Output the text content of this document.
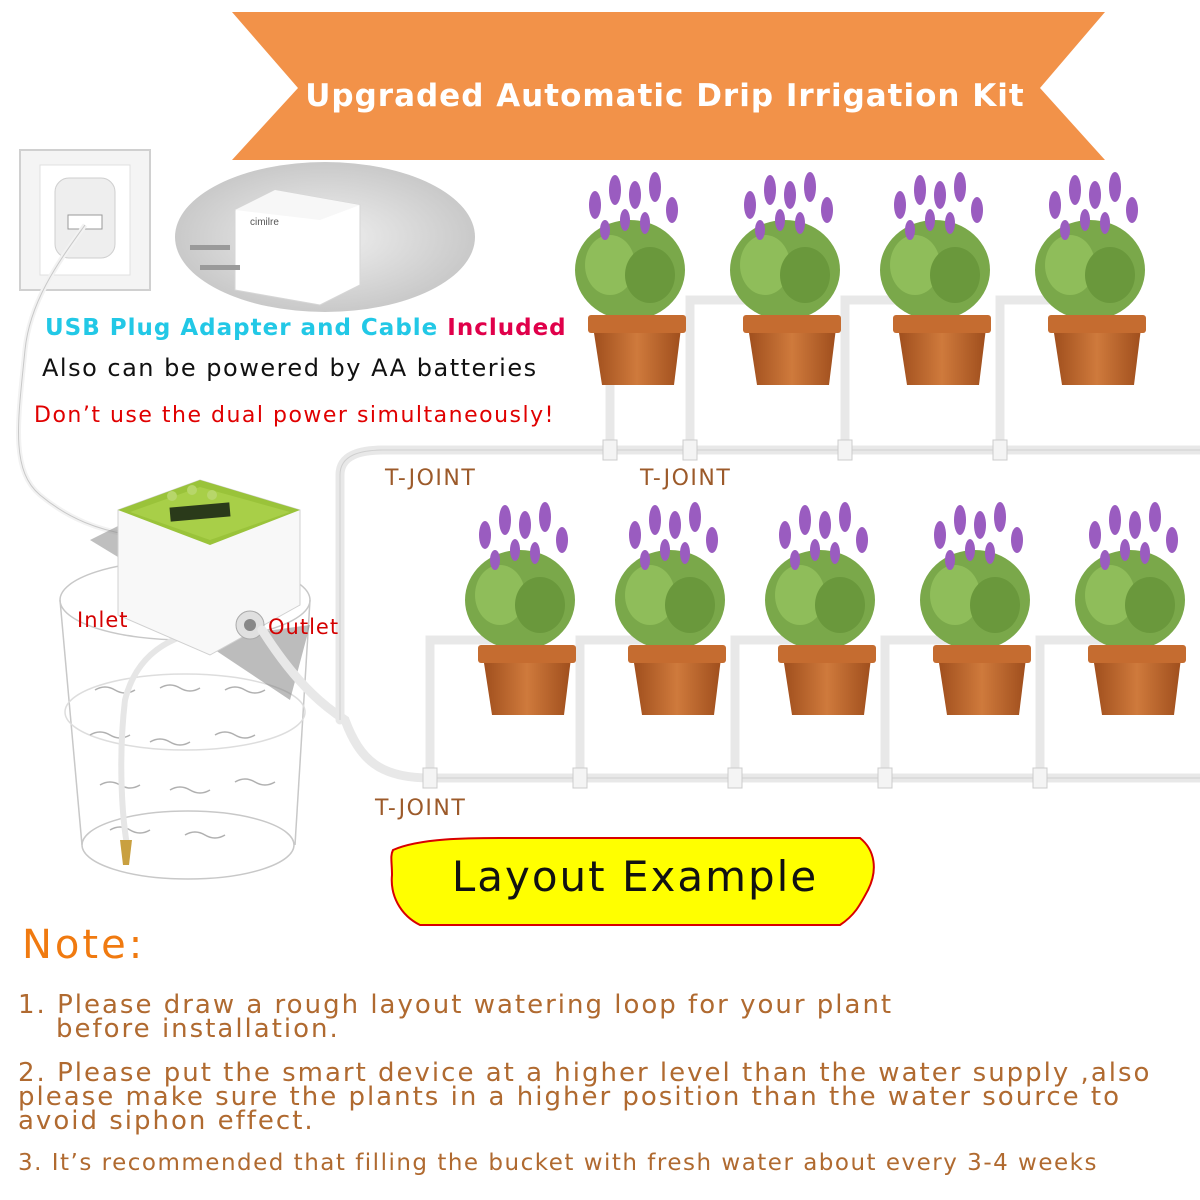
cimilre
Upgraded Automatic Drip Irrigation Kit
USB Plug Adapter and Cable Included
Also can be powered by AA batteries
Don’t use the dual power simultaneously!
Inlet	Outlet
T-JOINT	T-JOINT
T-JOINT
Layout Example
Note:
1. Please draw a rough layout watering loop for your plant
before installation.
2. Please put the smart device at a higher level than the water supply ,also
please make sure the plants in a higher position than the water source to
avoid siphon effect.
3. It’s recommended that filling the bucket with fresh water about every 3-4 weeks
